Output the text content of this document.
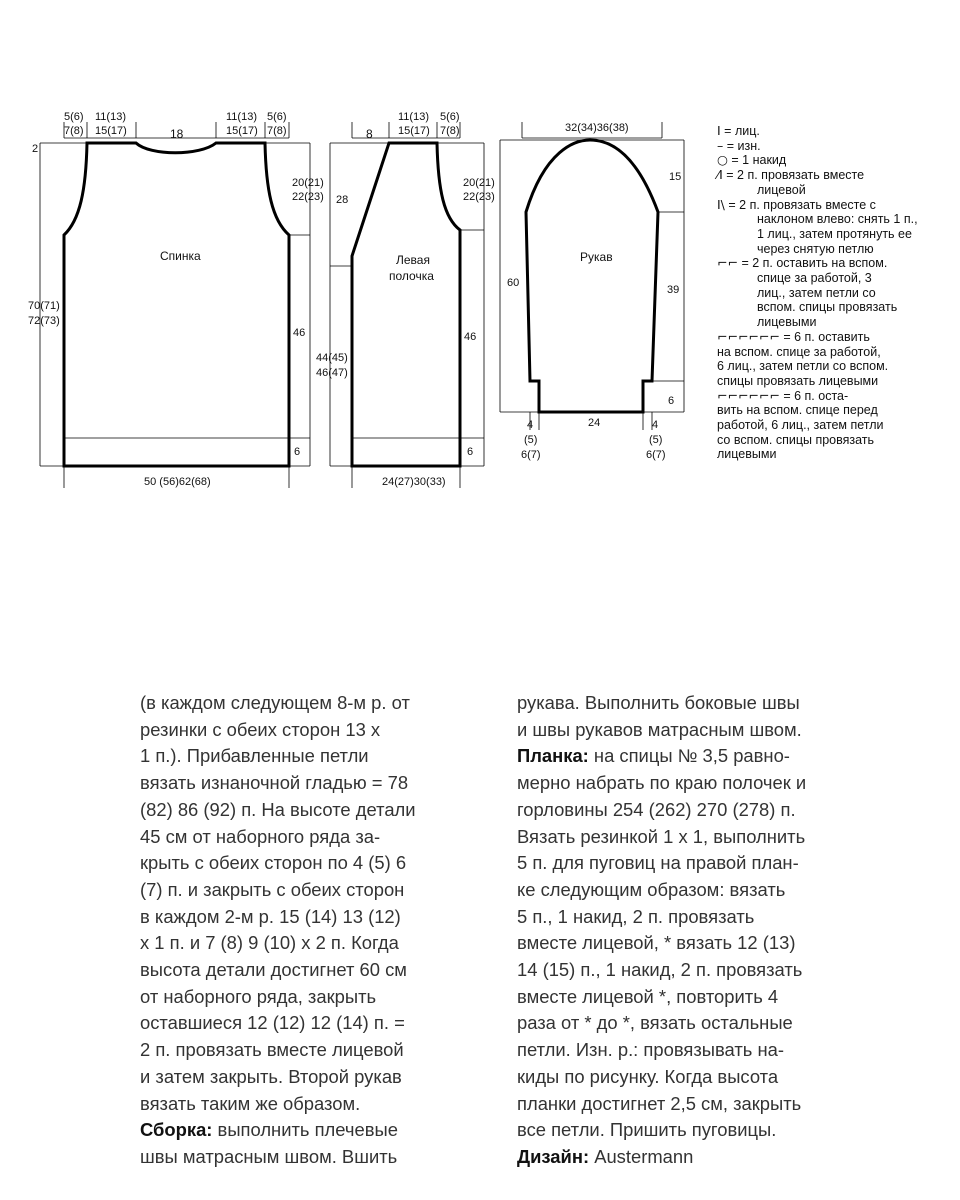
5(6)
7(8)
11(13)
15(17)	18
11(13)
15(17)
5(6)
7(8)
2
20(21)
22(23)
Спинка
70(71)
72(73)
46
6
50 (56)62(68)
8
11(13)
15(17)
5(6)
7(8)
28
20(21)
22(23)
Левая
полочка
44(45)
46(47)
46
6
24(27)30(33)
32(34)36(38)
15
Рукав
60
39
6
24
4
(5)
6(7)
4
(5)
6(7)
I = лиц.
– = изн.
○ = 1 накид
⁄I = 2 п. провязать вместе
лицевой
I\ = 2 п. провязать вместе с
наклоном влево: снять 1 п.,
1 лиц., затем протянуть ее
через снятую петлю
⌐⌐ = 2 п. оставить на вспом.
спице за работой, 3
лиц., затем петли со
вспом. спицы провязать
лицевыми
⌐⌐⌐⌐⌐⌐ = 6 п. оставить
на вспом. спице за работой,
6 лиц., затем петли со вспом.
спицы провязать лицевыми
⌐⌐⌐⌐⌐⌐ = 6 п. оста-
вить на вспом. спице перед
работой, 6 лиц., затем петли
со вспом. спицы провязать
лицевыми
(в каждом следующем 8-м р. от
резинки с обеих сторон 13 х
1 п.). Прибавленные петли
вязать изнаночной гладью = 78
(82) 86 (92) п. На высоте детали
45 см от наборного ряда за-
крыть с обеих сторон по 4 (5) 6
(7) п. и закрыть с обеих сторон
в каждом 2-м р. 15 (14) 13 (12)
х 1 п. и 7 (8) 9 (10) х 2 п. Когда
высота детали достигнет 60 см
от наборного ряда, закрыть
оставшиеся 12 (12) 12 (14) п. =
2 п. провязать вместе лицевой
и затем закрыть. Второй рукав
вязать таким же образом.
Сборка: выполнить плечевые
швы матрасным швом. Вшить
рукава. Выполнить боковые швы
и швы рукавов матрасным швом.
Планка: на спицы № 3,5 равно-
мерно набрать по краю полочек и
горловины 254 (262) 270 (278) п.
Вязать резинкой 1 х 1, выполнить
5 п. для пуговиц на правой план-
ке следующим образом: вязать
5 п., 1 накид, 2 п. провязать
вместе лицевой, * вязать 12 (13)
14 (15) п., 1 накид, 2 п. провязать
вместе лицевой *, повторить 4
раза от * до *, вязать остальные
петли. Изн. р.: провязывать на-
киды по рисунку. Когда высота
планки достигнет 2,5 см, закрыть
все петли. Пришить пуговицы.
Дизайн: Austermann
